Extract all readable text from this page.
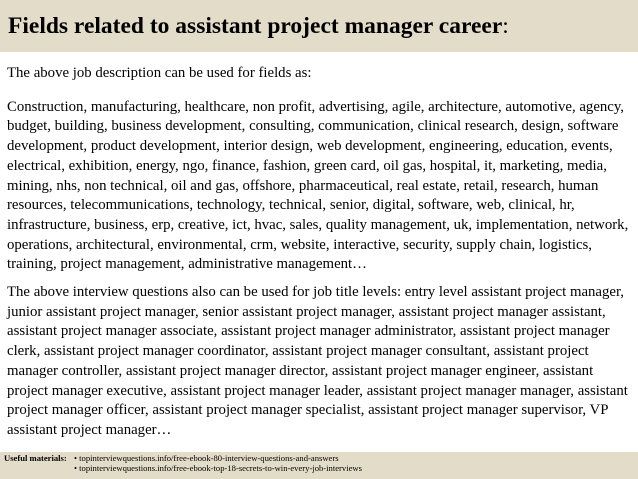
Fields related to assistant project manager career:

The above job description can be used for fields as:

Construction, manufacturing, healthcare, non profit, advertising, agile, architecture, automotive, agency, budget, building, business development, consulting, communication, clinical research, design, software development, product development, interior design, web development, engineering, education, events, electrical, exhibition, energy, ngo, finance, fashion, green card, oil gas, hospital, it, marketing, media, mining, nhs, non technical, oil and gas, offshore, pharmaceutical, real estate, retail, research, human resources, telecommunications, technology, technical, senior, digital, software, web, clinical, hr, infrastructure, business, erp, creative, ict, hvac, sales, quality management, uk, implementation, network, operations, architectural, environmental, crm, website, interactive, security, supply chain, logistics, training, project management, administrative management…

The above interview questions also can be used for job title levels: entry level assistant project manager, junior assistant project manager, senior assistant project manager, assistant project manager assistant, assistant project manager associate, assistant project manager administrator, assistant project manager clerk, assistant project manager coordinator, assistant project manager consultant, assistant project manager controller, assistant project manager director, assistant project manager engineer, assistant project manager executive, assistant project manager leader, assistant project manager manager, assistant project manager officer, assistant project manager specialist, assistant project manager supervisor, VP assistant project manager…

Useful materials: • topinterviewquestions.info/free-ebook-80-interview-questions-and-answers
• topinterviewquestions.info/free-ebook-top-18-secrets-to-win-every-job-interviews
